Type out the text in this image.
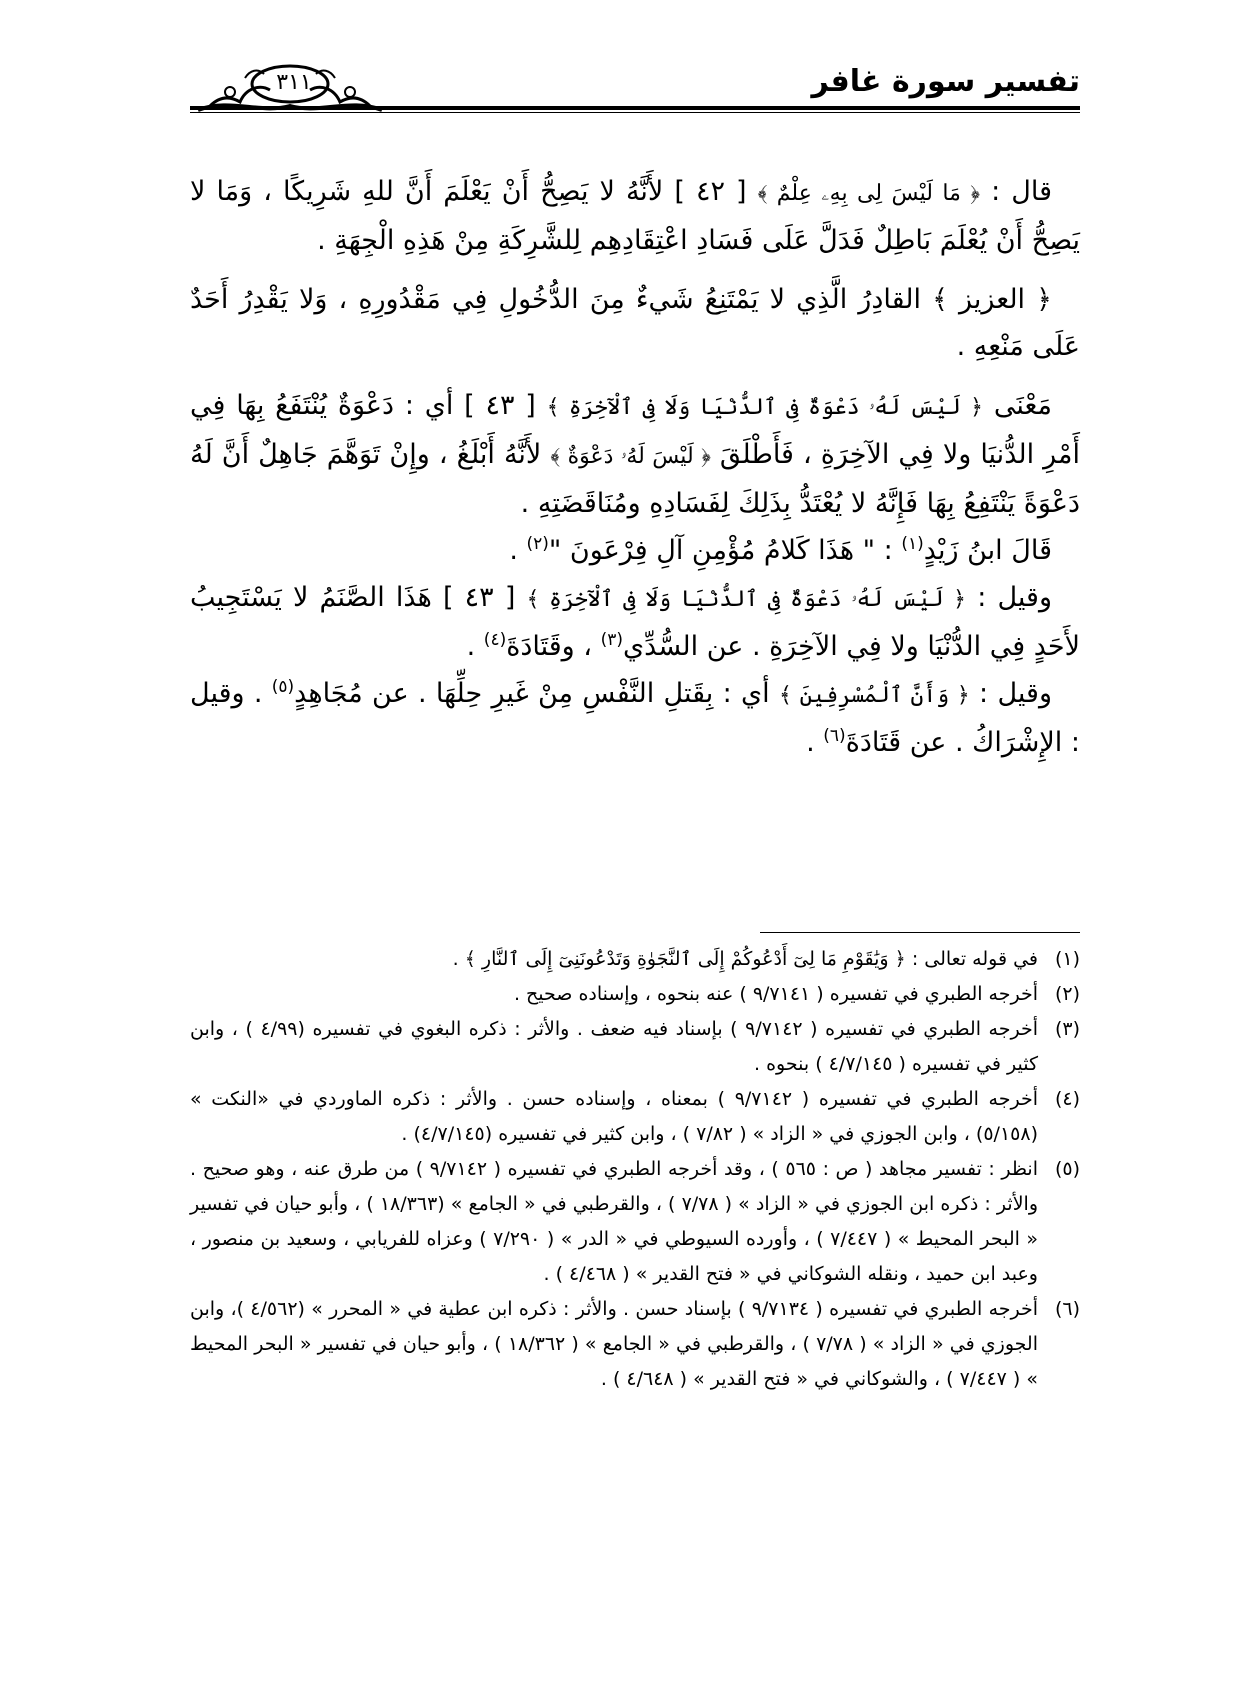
تفسير سورة غافر
٣١١

قال : ﴿ مَا لَيْسَ لِى بِهِۦ عِلْمٌ ﴾ [ ٤٢ ] لأَنَّهُ لا يَصِحُّ أَنْ يَعْلَمَ أَنَّ للهِ شَرِيكًا ، وَمَا لا يَصِحُّ أَنْ يُعْلَمَ بَاطِلٌ فَدَلَّ عَلَى فَسَادِ اعْتِقَادِهِم لِلشَّرِكَةِ مِنْ هَذِهِ الْجِهَةِ .

﴿ العزيز ﴾ القادِرُ الَّذِي لا يَمْتَنِعُ شَيءٌ مِنَ الدُّخُولِ فِي مَقْدُورِهِ ، وَلا يَقْدِرُ أَحَدٌ عَلَى مَنْعِهِ .

مَعْنَى ﴿ لَيْسَ لَهُۥ دَعْوَةٌ فِى ٱلدُّنْيَا وَلَا فِى ٱلْآخِرَةِ ﴾ [ ٤٣ ] أي : دَعْوَةٌ يُنْتَفَعُ بِهَا فِي أَمْرِ الدُّنيَا ولا فِي الآخِرَةِ ، فَأَطْلَقَ ﴿ لَيْسَ لَهُۥ دَعْوَةٌ ﴾ لأَنَّهُ أَبْلَغُ ، وإِنْ تَوَهَّمَ جَاهِلٌ أَنَّ لَهُ دَعْوَةً يَنْتَفِعُ بِهَا فَإِنَّهُ لا يُعْتَدُّ بِذَلِكَ لِفَسَادِهِ ومُنَاقَضَتِهِ .

قَالَ ابنُ زَيْدٍ$^{(١)}$ : " هَذَا كَلامُ مُؤْمِنِ آلِ فِرْعَونَ "$^{(٢)}$ .

وقيل : ﴿ لَيْسَ لَهُۥ دَعْوَةٌ فِى ٱلدُّنْيَا وَلَا فِى ٱلْآخِرَةِ ﴾ [ ٤٣ ] هَذَا الصَّنَمُ لا يَسْتَجِيبُ لأَحَدٍ فِي الدُّنْيَا ولا فِي الآخِرَةِ . عن السُّدِّي$^{(٣)}$ ، وقَتَادَةَ$^{(٤)}$ .

وقيل : ﴿ وَأَنَّ ٱلْمُسْرِفِينَ ﴾ أي : بِقَتلِ النَّفْسِ مِنْ غَيرِ حِلِّهَا . عن مُجَاهِدٍ$^{(٥)}$ . وقيل : الإِشْرَاكُ . عن قَتَادَةَ$^{(٦)}$ .

(١)
في قوله تعالى : ﴿ وَيَٰقَوْمِ مَا لِىٓ أَدْعُوكُمْ إِلَى ٱلنَّجَوٰةِ وَتَدْعُونَنِىٓ إِلَى ٱلنَّارِ ﴾ .
(٢)
أخرجه الطبري في تفسيره ( ٩/٧١٤١ ) عنه بنحوه ، وإسناده صحيح .
(٣)
أخرجه الطبري في تفسيره ( ٩/٧١٤٢ ) بإسناد فيه ضعف . والأثر : ذكره البغوي في تفسيره (٤/٩٩ ) ، وابن كثير في تفسيره ( ٤/٧/١٤٥ ) بنحوه .
(٤)
أخرجه الطبري في تفسيره ( ٩/٧١٤٢ ) بمعناه ، وإسناده حسن . والأثر : ذكره الماوردي في «النكت » (٥/١٥٨) ، وابن الجوزي في « الزاد » ( ٧/٨٢ ) ، وابن كثير في تفسيره (٤/٧/١٤٥) .
(٥)
انظر : تفسير مجاهد ( ص : ٥٦٥ ) ، وقد أخرجه الطبري في تفسيره ( ٩/٧١٤٢ ) من طرق عنه ، وهو صحيح . والأثر : ذكره ابن الجوزي في « الزاد » ( ٧/٧٨ ) ، والقرطبي في « الجامع » (١٨/٣٦٣ ) ، وأبو حيان في تفسير « البحر المحيط » ( ٧/٤٤٧ ) ، وأورده السيوطي في « الدر » ( ٧/٢٩٠ ) وعزاه للفريابي ، وسعيد بن منصور ، وعبد ابن حميد ، ونقله الشوكاني في « فتح القدير » ( ٤/٤٦٨ ) .
(٦)
أخرجه الطبري في تفسيره ( ٩/٧١٣٤ ) بإسناد حسن . والأثر : ذكره ابن عطية في « المحرر » (٤/٥٦٢ )، وابن الجوزي في « الزاد » ( ٧/٧٨ ) ، والقرطبي في « الجامع » ( ١٨/٣٦٢ ) ، وأبو حيان في تفسير « البحر المحيط » ( ٧/٤٤٧ ) ، والشوكاني في « فتح القدير » ( ٤/٦٤٨ ) .
